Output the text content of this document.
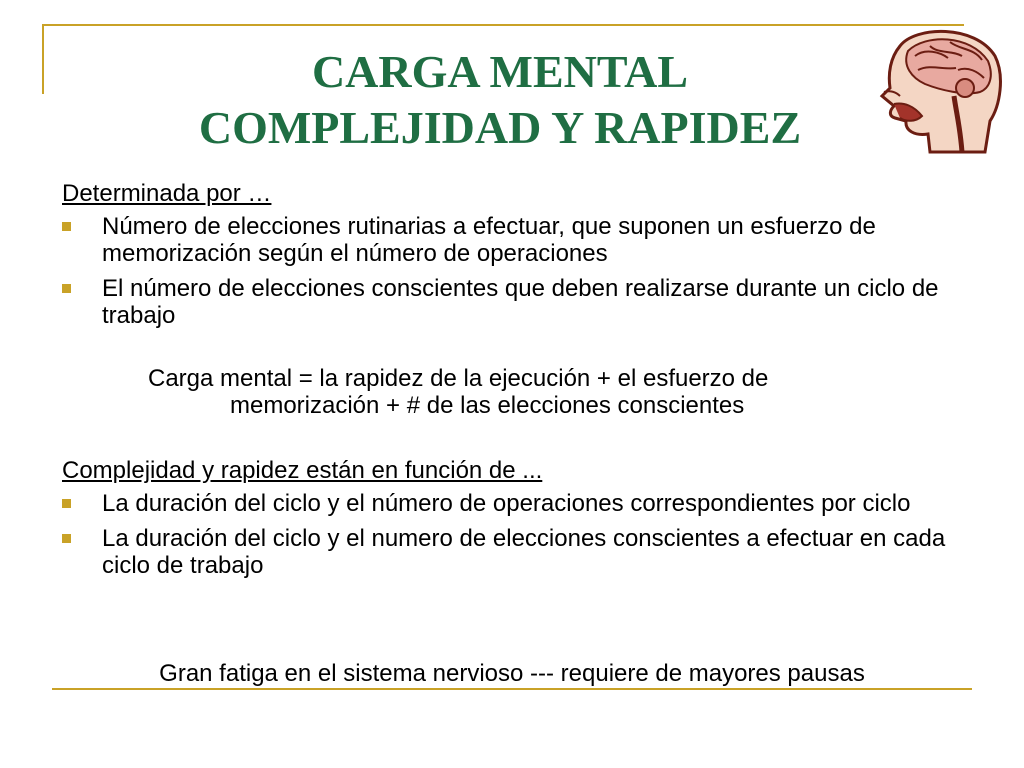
CARGA MENTAL
COMPLEJIDAD Y RAPIDEZ

Determinada por …

Número de elecciones rutinarias a efectuar, que suponen un esfuerzo de memorización según el número de operaciones
El número de elecciones conscientes que deben realizarse durante un ciclo de trabajo

Carga mental = la rapidez de la ejecución + el esfuerzo de
memorización + # de las elecciones conscientes

Complejidad y rapidez están en función de ...

La duración del ciclo y el número de operaciones correspondientes por ciclo
La duración del ciclo y el numero de elecciones conscientes a efectuar en cada ciclo de trabajo
Gran fatiga en el sistema nervioso --- requiere de mayores pausas
